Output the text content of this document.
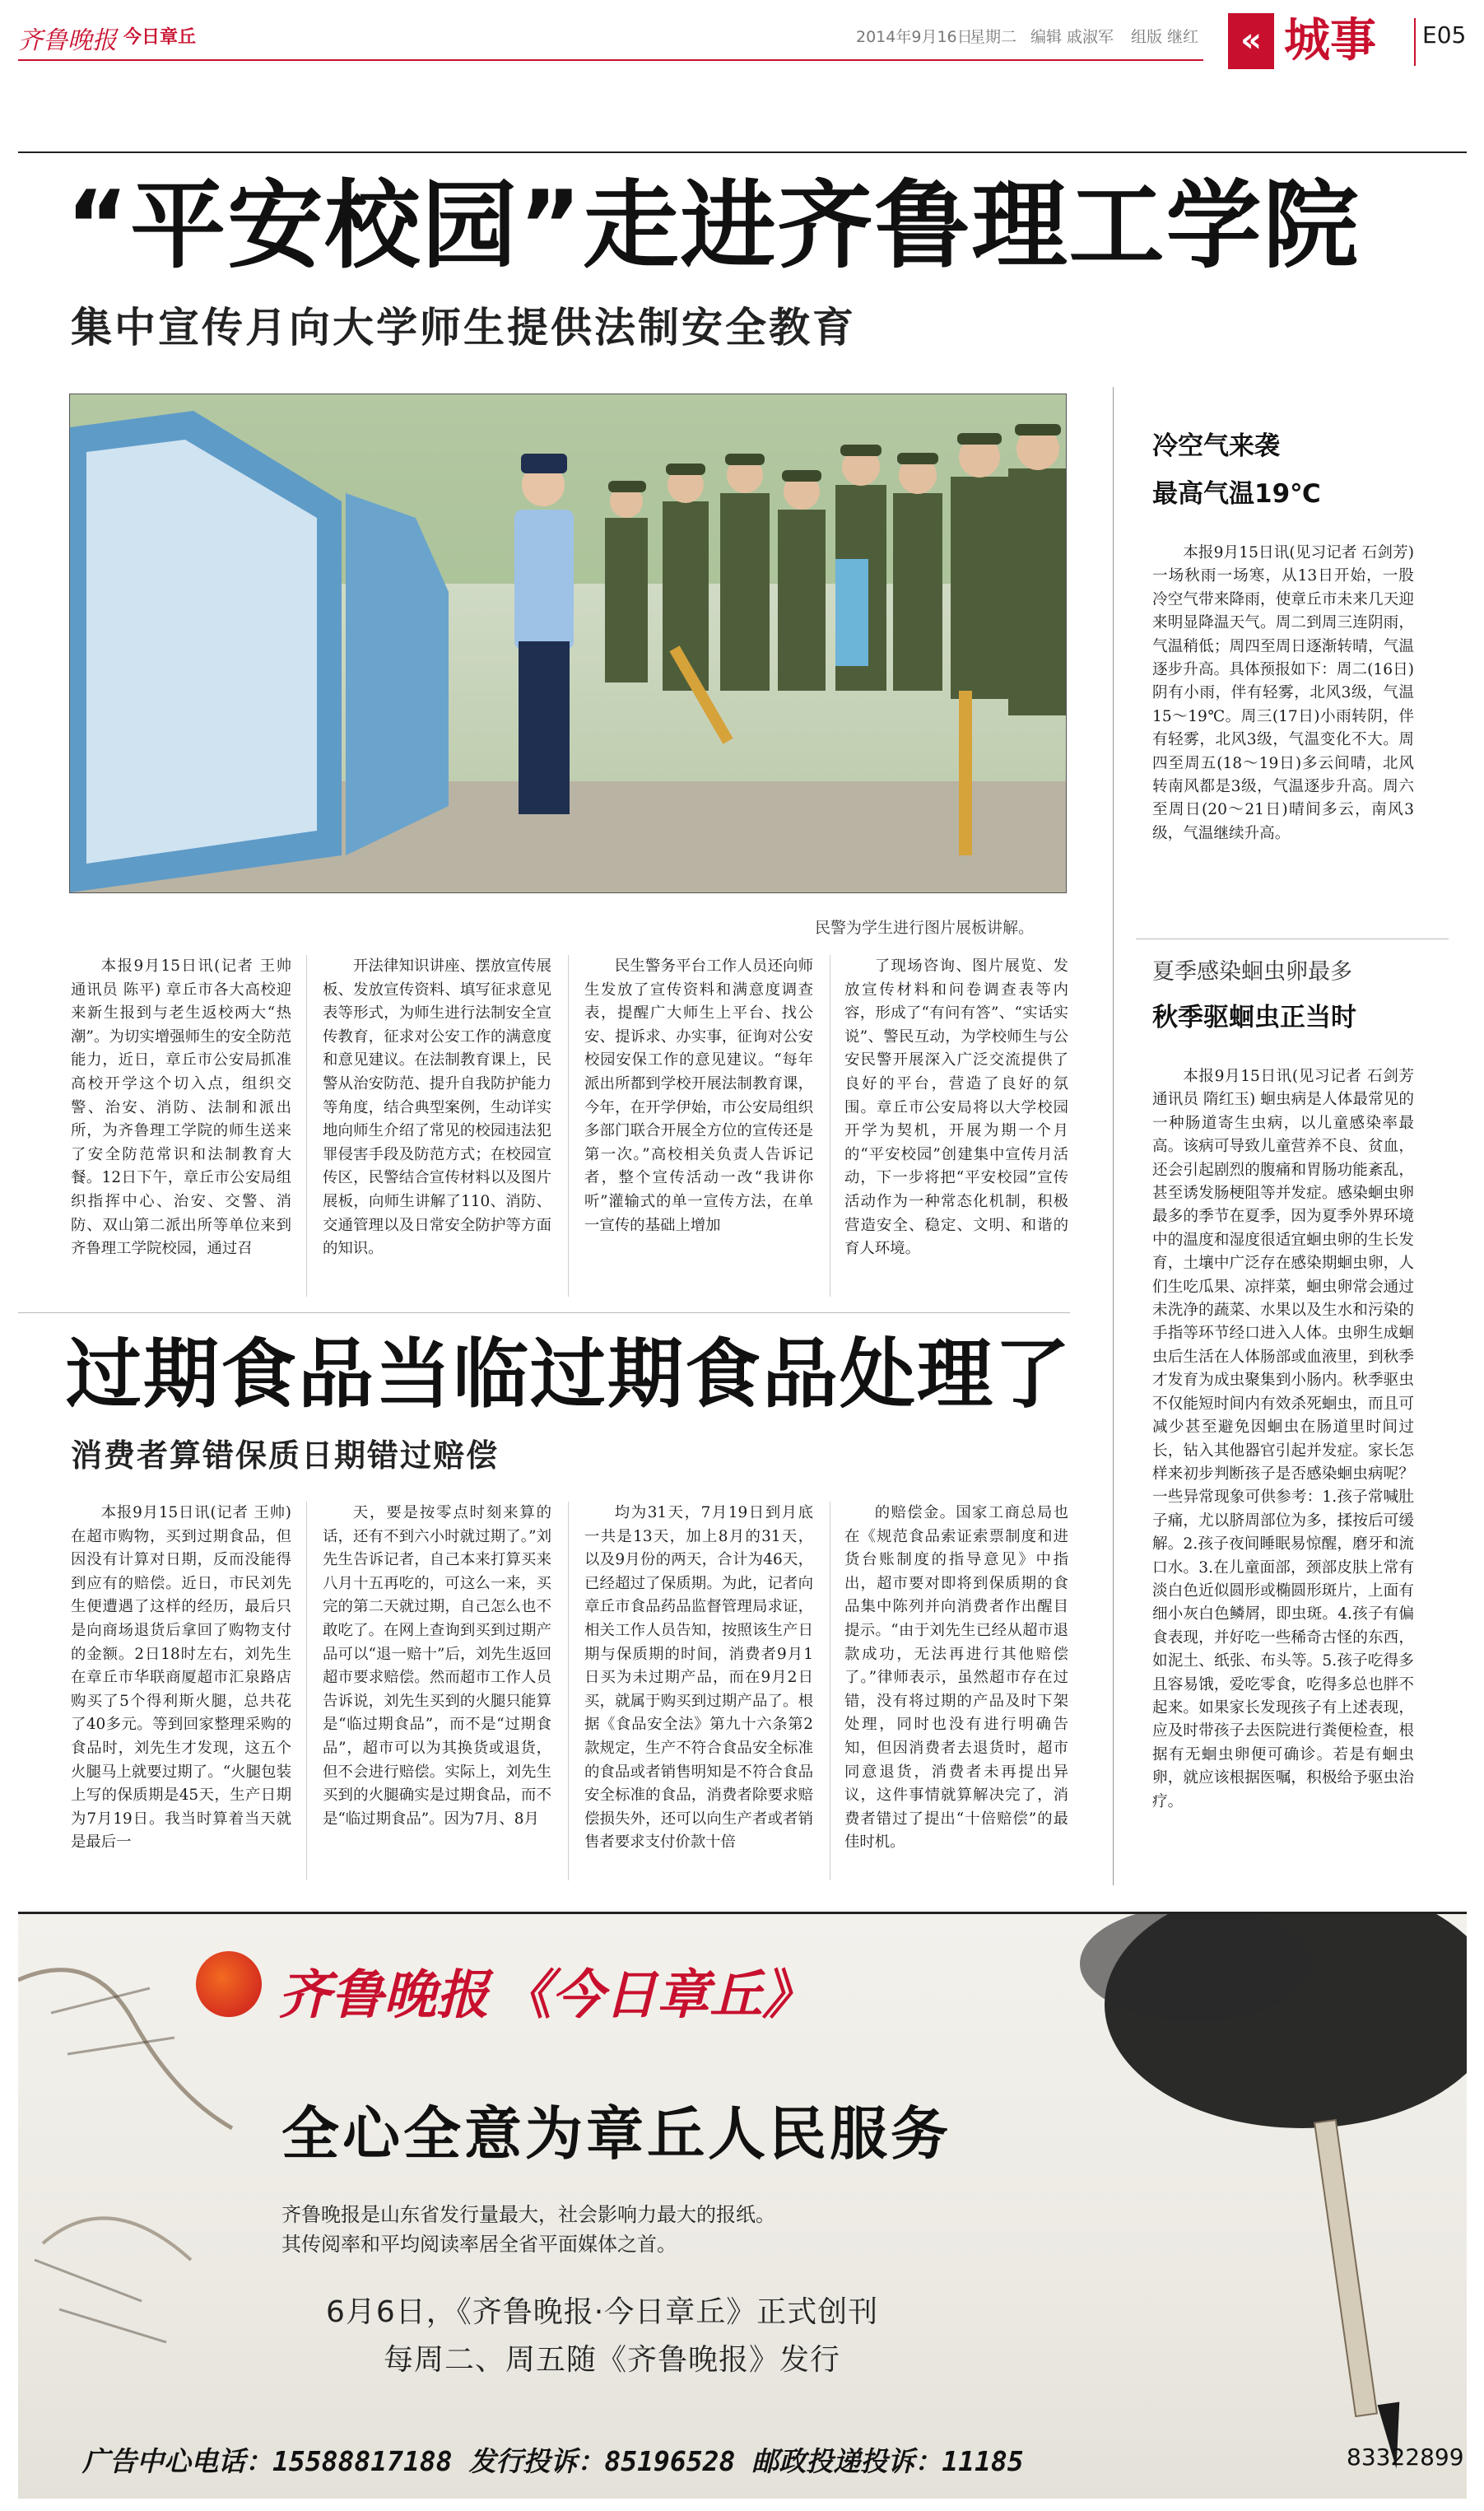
齐鲁晚报 今日章丘	2014年9月16日
星期二 编辑 戚淑军 组版 继红	« 城事 E05
“平安校园”走进齐鲁理工学院
集中宣传月向大学师生提供法制安全教育
民警为学生进行图片展板讲解。

本报9月15日讯(记者 王帅 通讯员 陈平) 章丘市各大高校迎来新生报到与老生返校两大“热潮”。为切实增强师生的安全防范能力，近日，章丘市公安局抓准高校开学这个切入点，组织交警、治安、消防、法制和派出所，为齐鲁理工学院的师生送来了安全防范常识和法制教育大餐。12日下午，章丘市公安局组织指挥中心、治安、交警、消防、双山第二派出所等单位来到齐鲁理工学院校园，通过召

开法律知识讲座、摆放宣传展板、发放宣传资料、填写征求意见表等形式，为师生进行法制安全宣传教育，征求对公安工作的满意度和意见建议。在法制教育课上，民警从治安防范、提升自我防护能力等角度，结合典型案例，生动详实地向师生介绍了常见的校园违法犯罪侵害手段及防范方式；在校园宣传区，民警结合宣传材料以及图片展板，向师生讲解了110、消防、交通管理以及日常安全防护等方面的知识。

民生警务平台工作人员还向师生发放了宣传资料和满意度调查表，提醒广大师生上平台、找公安、提诉求、办实事，征询对公安校园安保工作的意见建议。“每年派出所都到学校开展法制教育课，今年，在开学伊始，市公安局组织多部门联合开展全方位的宣传还是第一次。”高校相关负责人告诉记者，整个宣传活动一改“我讲你听”灌输式的单一宣传方法，在单一宣传的基础上增加

了现场咨询、图片展览、发放宣传材料和问卷调查表等内容，形成了“有问有答”、“实话实说”、警民互动，为学校师生与公安民警开展深入广泛交流提供了良好的平台，营造了良好的氛围。章丘市公安局将以大学校园开学为契机，开展为期一个月的“平安校园”创建集中宣传月活动，下一步将把“平安校园”宣传活动作为一种常态化机制，积极营造安全、稳定、文明、和谐的育人环境。

过期食品当临过期食品处理了
消费者算错保质日期错过赔偿

本报9月15日讯(记者 王帅) 在超市购物，买到过期食品，但因没有计算对日期，反而没能得到应有的赔偿。近日，市民刘先生便遭遇了这样的经历，最后只是向商场退货后拿回了购物支付的金额。2日18时左右，刘先生在章丘市华联商厦超市汇泉路店购买了5个得利斯火腿，总共花了40多元。等到回家整理采购的食品时，刘先生才发现，这五个火腿马上就要过期了。“火腿包装上写的保质期是45天，生产日期为7月19日。我当时算着当天就是最后一

天，要是按零点时刻来算的话，还有不到六小时就过期了。”刘先生告诉记者，自己本来打算买来八月十五再吃的，可这么一来，买完的第二天就过期，自己怎么也不敢吃了。在网上查询到买到过期产品可以“退一赔十”后，刘先生返回超市要求赔偿。然而超市工作人员告诉说，刘先生买到的火腿只能算是“临过期食品”，而不是“过期食品”，超市可以为其换货或退货，但不会进行赔偿。实际上，刘先生买到的火腿确实是过期食品，而不是“临过期食品”。因为7月、8月

均为31天，7月19日到月底一共是13天，加上8月的31天，以及9月份的两天，合计为46天，已经超过了保质期。为此，记者向章丘市食品药品监督管理局求证，相关工作人员告知，按照该生产日期与保质期的时间，消费者9月1日买为未过期产品，而在9月2日买，就属于购买到过期产品了。根据《食品安全法》第九十六条第2款规定，生产不符合食品安全标准的食品或者销售明知是不符合食品安全标准的食品，消费者除要求赔偿损失外，还可以向生产者或者销售者要求支付价款十倍

的赔偿金。国家工商总局也在《规范食品索证索票制度和进货台账制度的指导意见》中指出，超市要对即将到保质期的食品集中陈列并向消费者作出醒目提示。“由于刘先生已经从超市退款成功，无法再进行其他赔偿了。”律师表示，虽然超市存在过错，没有将过期的产品及时下架处理，同时也没有进行明确告知，但因消费者去退货时，超市同意退货，消费者未再提出异议，这件事情就算解决完了，消费者错过了提出“十倍赔偿”的最佳时机。

冷空气来袭
最高气温19℃

本报9月15日讯(见习记者 石剑芳) 一场秋雨一场寒，从13日开始，一股冷空气带来降雨，使章丘市未来几天迎来明显降温天气。周二到周三连阴雨，气温稍低；周四至周日逐渐转晴，气温逐步升高。具体预报如下：周二(16日)阴有小雨，伴有轻雾，北风3级，气温15～19℃。周三(17日)小雨转阴，伴有轻雾，北风3级，气温变化不大。周四至周五(18～19日)多云间晴，北风转南风都是3级，气温逐步升高。周六至周日(20～21日)晴间多云，南风3级，气温继续升高。

夏季感染蛔虫卵最多
秋季驱蛔虫正当时

本报9月15日讯(见习记者 石剑芳 通讯员 隋红玉) 蛔虫病是人体最常见的一种肠道寄生虫病，以儿童感染率最高。该病可导致儿童营养不良、贫血，还会引起剧烈的腹痛和胃肠功能紊乱，甚至诱发肠梗阻等并发症。感染蛔虫卵最多的季节在夏季，因为夏季外界环境中的温度和湿度很适宜蛔虫卵的生长发育，土壤中广泛存在感染期蛔虫卵，人们生吃瓜果、凉拌菜，蛔虫卵常会通过未洗净的蔬菜、水果以及生水和污染的手指等环节经口进入人体。虫卵生成蛔虫后生活在人体肠部或血液里，到秋季才发育为成虫聚集到小肠内。秋季驱虫不仅能短时间内有效杀死蛔虫，而且可减少甚至避免因蛔虫在肠道里时间过长，钻入其他器官引起并发症。家长怎样来初步判断孩子是否感染蛔虫病呢？一些异常现象可供参考：1.孩子常喊肚子痛，尤以脐周部位为多，揉按后可缓解。2.孩子夜间睡眠易惊醒，磨牙和流口水。3.在儿童面部，颈部皮肤上常有淡白色近似圆形或椭圆形斑片，上面有细小灰白色鳞屑，即虫斑。4.孩子有偏食表现，并好吃一些稀奇古怪的东西，如泥土、纸张、布头等。5.孩子吃得多且容易饿，爱吃零食，吃得多总也胖不起来。如果家长发现孩子有上述表现，应及时带孩子去医院进行粪便检查，根据有无蛔虫卵便可确诊。若是有蛔虫卵，就应该根据医嘱，积极给予驱虫治疗。

齐鲁晚报 《今日章丘》
全心全意为章丘人民服务
齐鲁晚报是山东省发行量最大，社会影响力最大的报纸。
其传阅率和平均阅读率居全省平面媒体之首。
6月6日，《齐鲁晚报·今日章丘》正式创刊
每周二、周五随《齐鲁晚报》发行
广告中心电话：15588817188 发行投诉：85196528 邮政投递投诉：11185	83322899
